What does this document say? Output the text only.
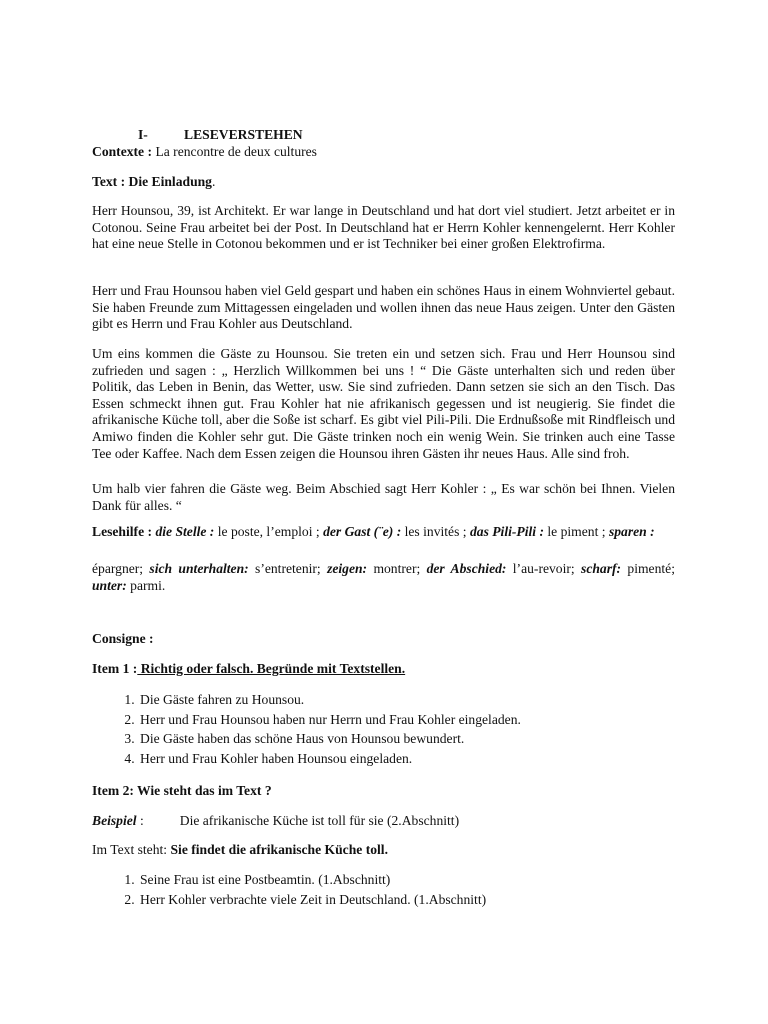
I-	LESEVERSTEHEN
Contexte : La rencontre de deux cultures
Text : Die Einladung.
Herr Hounsou, 39, ist Architekt. Er war lange in Deutschland und hat dort viel studiert. Jetzt arbeitet er in Cotonou. Seine Frau arbeitet bei der Post. In Deutschland hat er Herrn Kohler kennengelernt. Herr Kohler hat eine neue Stelle in Cotonou bekommen und er ist Techniker bei einer großen Elektrofirma.
Herr und Frau Hounsou haben viel Geld gespart und haben ein schönes Haus in einem Wohnviertel gebaut. Sie haben Freunde zum Mittagessen eingeladen und wollen ihnen das neue Haus zeigen. Unter den Gästen gibt es Herrn und Frau Kohler aus Deutschland.
Um eins kommen die Gäste zu Hounsou. Sie treten ein und setzen sich. Frau und Herr Hounsou sind zufrieden und sagen : „ Herzlich Willkommen bei uns ! “ Die Gäste unterhalten sich und reden über Politik, das Leben in Benin, das Wetter, usw. Sie sind zufrieden. Dann setzen sie sich an den Tisch. Das Essen schmeckt ihnen gut. Frau Kohler hat nie afrikanisch gegessen und ist neugierig. Sie findet die afrikanische Küche toll, aber die Soße ist scharf. Es gibt viel Pili-Pili. Die Erdnußsoße mit Rindfleisch und Amiwo finden die Kohler sehr gut. Die Gäste trinken noch ein wenig Wein. Sie trinken auch eine Tasse Tee oder Kaffee. Nach dem Essen zeigen die Hounsou ihren Gästen ihr neues Haus. Alle sind froh.
Um halb vier fahren die Gäste weg. Beim Abschied sagt Herr Kohler : „ Es war schön bei Ihnen. Vielen Dank für alles. “
Lesehilfe : die Stelle : le poste, l’emploi ; der Gast (¨e) : les invités ; das Pili-Pili : le piment ; sparen :
épargner; sich unterhalten: s’entretenir; zeigen: montrer; der Abschied: l’au-revoir; scharf: pimenté; unter: parmi.
Consigne :
Item 1 : Richtig oder falsch. Begründe mit Textstellen.
1. Die Gäste fahren zu Hounsou.
2. Herr und Frau Hounsou haben nur Herrn und Frau Kohler eingeladen.
3. Die Gäste haben das schöne Haus von Hounsou bewundert.
4. Herr und Frau Kohler haben Hounsou eingeladen.
Item 2: Wie steht das im Text ?
Beispiel :	Die afrikanische Küche ist toll für sie (2.Abschnitt)
Im Text steht: Sie findet die afrikanische Küche toll.
1. Seine Frau ist eine Postbeamtin. (1.Abschnitt)
2. Herr Kohler verbrachte viele Zeit in Deutschland. (1.Abschnitt)
